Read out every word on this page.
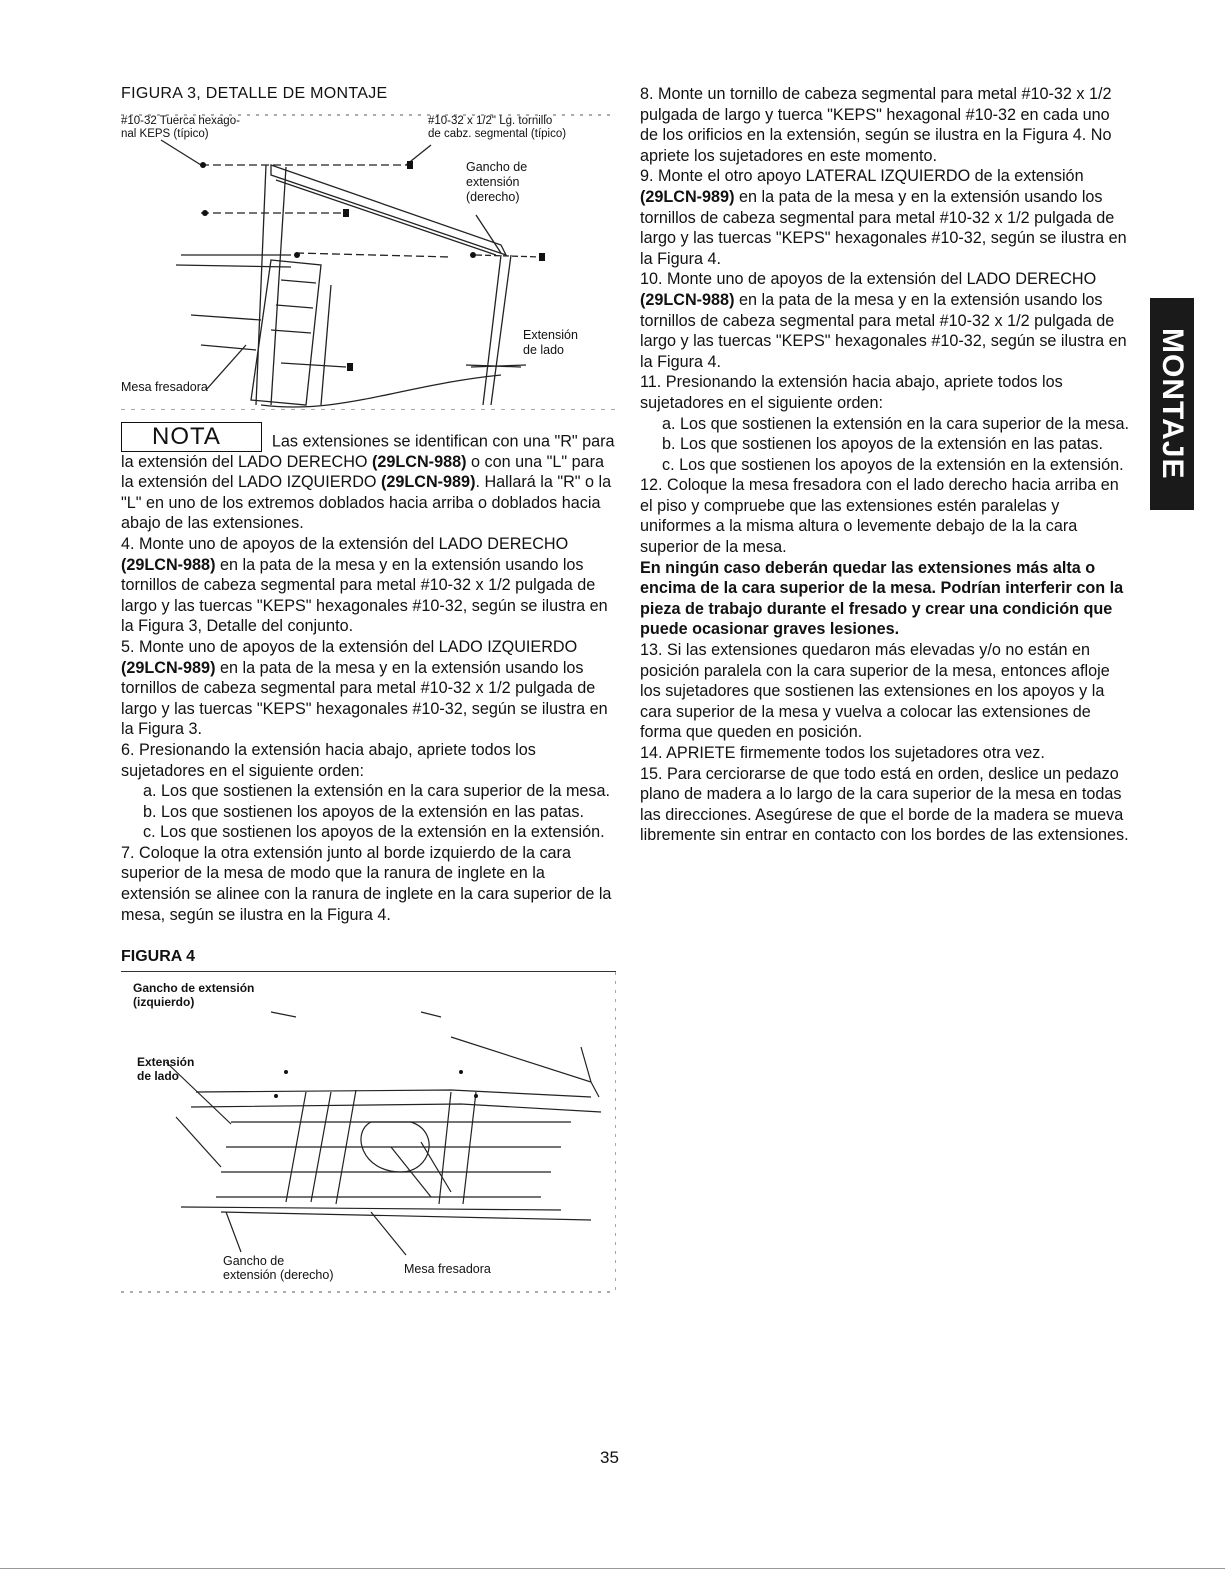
FIGURA 3, DETALLE DE MONTAJE

#10-32 Tuerca hexago-
nal KEPS (típico)
#10-32 x 1/2" Lg. tornillo
de cabz. segmental (típico)
Gancho de
extensión
(derecho)
Extensión
de lado
Mesa fresadora

NOTA	Las extensiones se identifican con una "R" para la extensión del LADO DERECHO (29LCN-988) o con una "L" para la extensión del LADO IZQUIERDO (29LCN-989). Hallará la "R" o la "L" en uno de los extremos doblados hacia arriba o doblados hacia abajo de las extensiones.

4. Monte uno de apoyos de la extensión del LADO DERECHO (29LCN-988) en la pata de la mesa y en la extensión usando los tornillos de cabeza segmental para metal #10-32 x 1/2 pulgada de largo y las tuercas "KEPS" hexagonales #10-32, según se ilustra en la Figura 3, Detalle del conjunto.

5. Monte uno de apoyos de la extensión del LADO IZQUIERDO (29LCN-989) en la pata de la mesa y en la extensión usando los tornillos de cabeza segmental para metal #10-32 x 1/2 pulgada de largo y las tuercas "KEPS" hexagonales #10-32, según se ilustra en la Figura 3.

6. Presionando la extensión hacia abajo, apriete todos los sujetadores en el siguiente orden:

a. Los que sostienen la extensión en la cara superior de la mesa.

b. Los que sostienen los apoyos de la extensión en las patas.

c. Los que sostienen los apoyos de la extensión en la extensión.

7. Coloque la otra extensión junto al borde izquierdo de la cara superior de la mesa de modo que la ranura de inglete en la extensión se alinee con la ranura de inglete en la cara superior de la mesa, según se ilustra en la Figura 4.

FIGURA 4
Gancho de extensión
(izquierdo)
Extensión
de lado
Gancho de
extensión (derecho)	Mesa fresadora

8. Monte un tornillo de cabeza segmental para metal #10-32 x 1/2 pulgada de largo y tuerca "KEPS" hexagonal #10-32 en cada uno de los orificios en la extensión, según se ilustra en la Figura 4. No apriete los sujetadores en este momento.

9. Monte el otro apoyo LATERAL IZQUIERDO de la extensión (29LCN-989) en la pata de la mesa y en la extensión usando los tornillos de cabeza segmental para metal #10-32 x 1/2 pulgada de largo y las tuercas "KEPS" hexagonales #10-32, según se ilustra en la Figura 4.

10. Monte uno de apoyos de la extensión del LADO DERECHO (29LCN-988) en la pata de la mesa y en la extensión usando los tornillos de cabeza segmental para metal #10-32 x 1/2 pulgada de largo y las tuercas "KEPS" hexagonales #10-32, según se ilustra en la Figura 4.

11. Presionando la extensión hacia abajo, apriete todos los sujetadores en el siguiente orden:

a. Los que sostienen la extensión en la cara superior de la mesa.

b. Los que sostienen los apoyos de la extensión en las patas.

c. Los que sostienen los apoyos de la extensión en la extensión.

12. Coloque la mesa fresadora con el lado derecho hacia arriba en el piso y compruebe que las extensiones estén paralelas y uniformes a la misma altura o levemente debajo de la la cara superior de la mesa.

En ningún caso deberán quedar las extensiones más alta o encima de la cara superior de la mesa. Podrían interferir con la pieza de trabajo durante el fresado y crear una condición que puede ocasionar graves lesiones.

13. Si las extensiones quedaron más elevadas y/o no están en posición paralela con la cara superior de la mesa, entonces afloje los sujetadores que sostienen las extensiones en los apoyos y la cara superior de la mesa y vuelva a colocar las extensiones de forma que queden en posición.

14. APRIETE firmemente todos los sujetadores otra vez.

15. Para cerciorarse de que todo está en orden, deslice un pedazo plano de madera a lo largo de la cara superior de la mesa en todas las direcciones. Asegúrese de que el borde de la madera se mueva libremente sin entrar en contacto con los bordes de las extensiones.

MONTAJE
35
